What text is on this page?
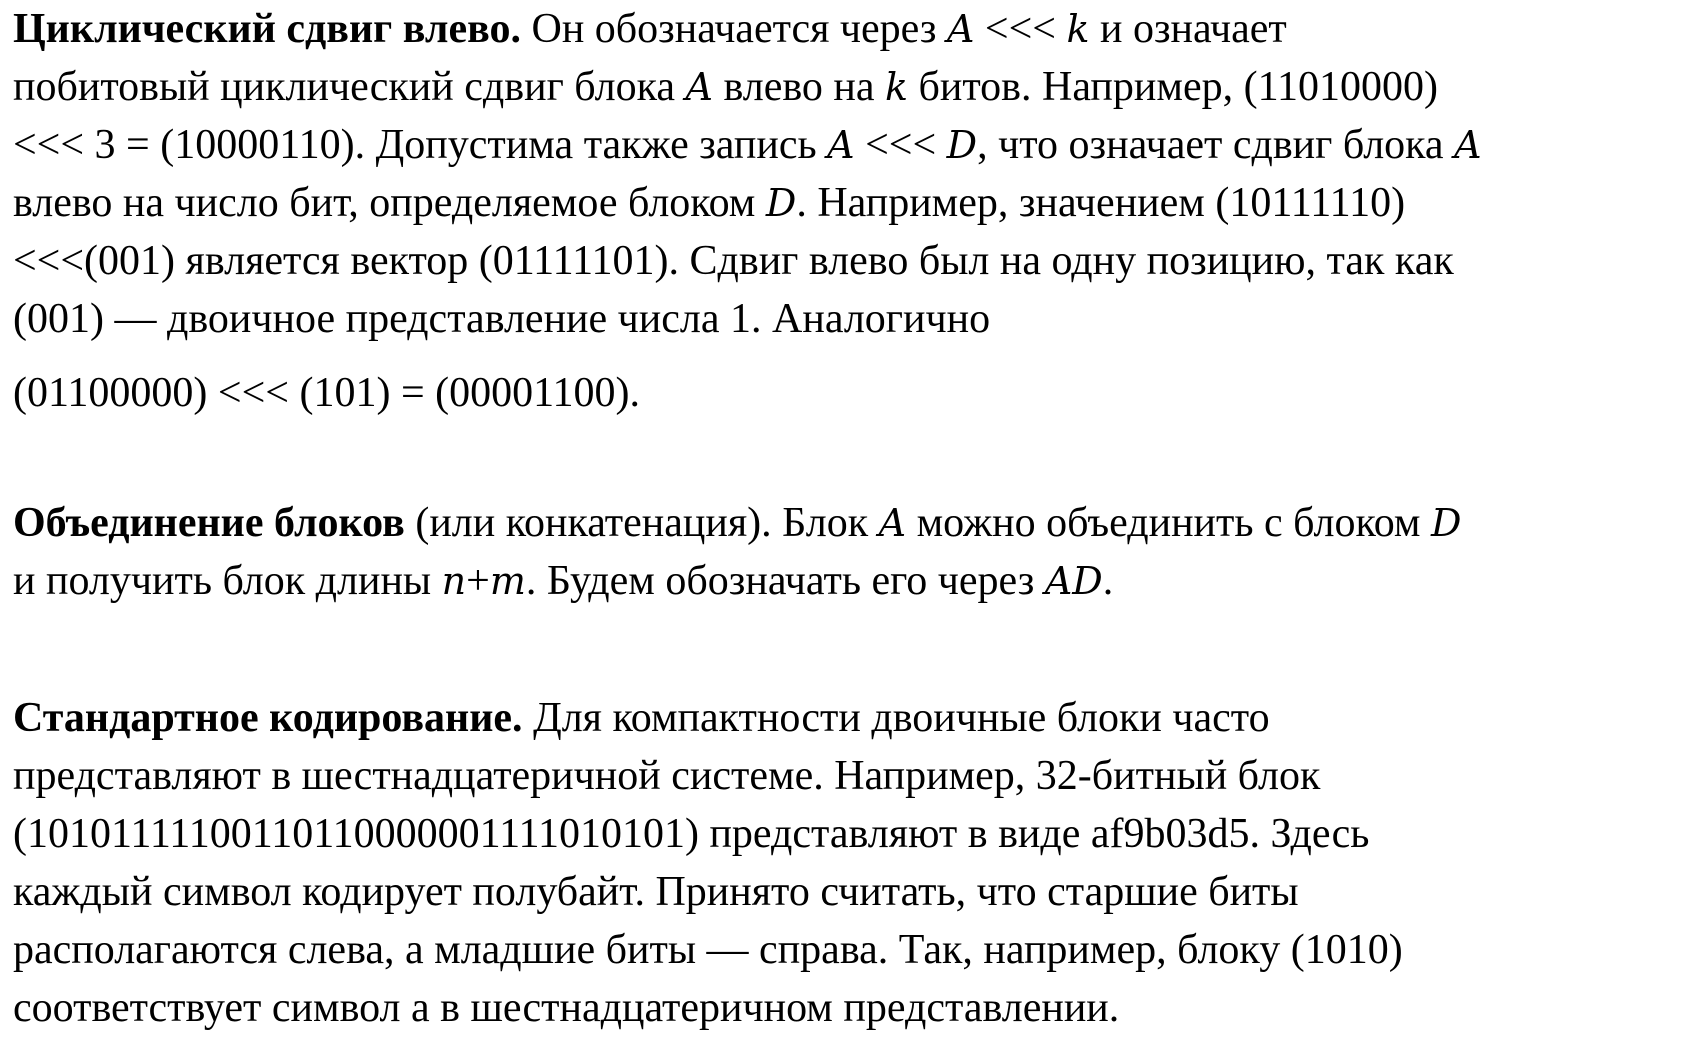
Циклический сдвиг влево. Он обозначается через A <<< k и означает
побитовый циклический сдвиг блока A влево на k битов. Например, (11010000)
<<< 3 = (10000110). Допустима также запись A <<< D, что означает сдвиг блока A
влево на число бит, определяемое блоком D. Например, значением (10111110)
<<<(001) является вектор (01111101). Сдвиг влево был на одну позицию, так как
(001) — двоичное представление числа 1. Аналогично
(01100000) <<< (101) = (00001100).

Объединение блоков (или конкатенация). Блок A можно объединить с блоком D
и получить блок длины n+m. Будем обозначать его через AD.

Стандартное кодирование. Для компактности двоичные блоки часто
представляют в шестнадцатеричной системе. Например, 32-битный блок
(10101111100110110000001111010101) представляют в виде af9b03d5. Здесь
каждый символ кодирует полубайт. Принято считать, что старшие биты
располагаются слева, а младшие биты — справа. Так, например, блоку (1010)
соответствует символ a в шестнадцатеричном представлении.
